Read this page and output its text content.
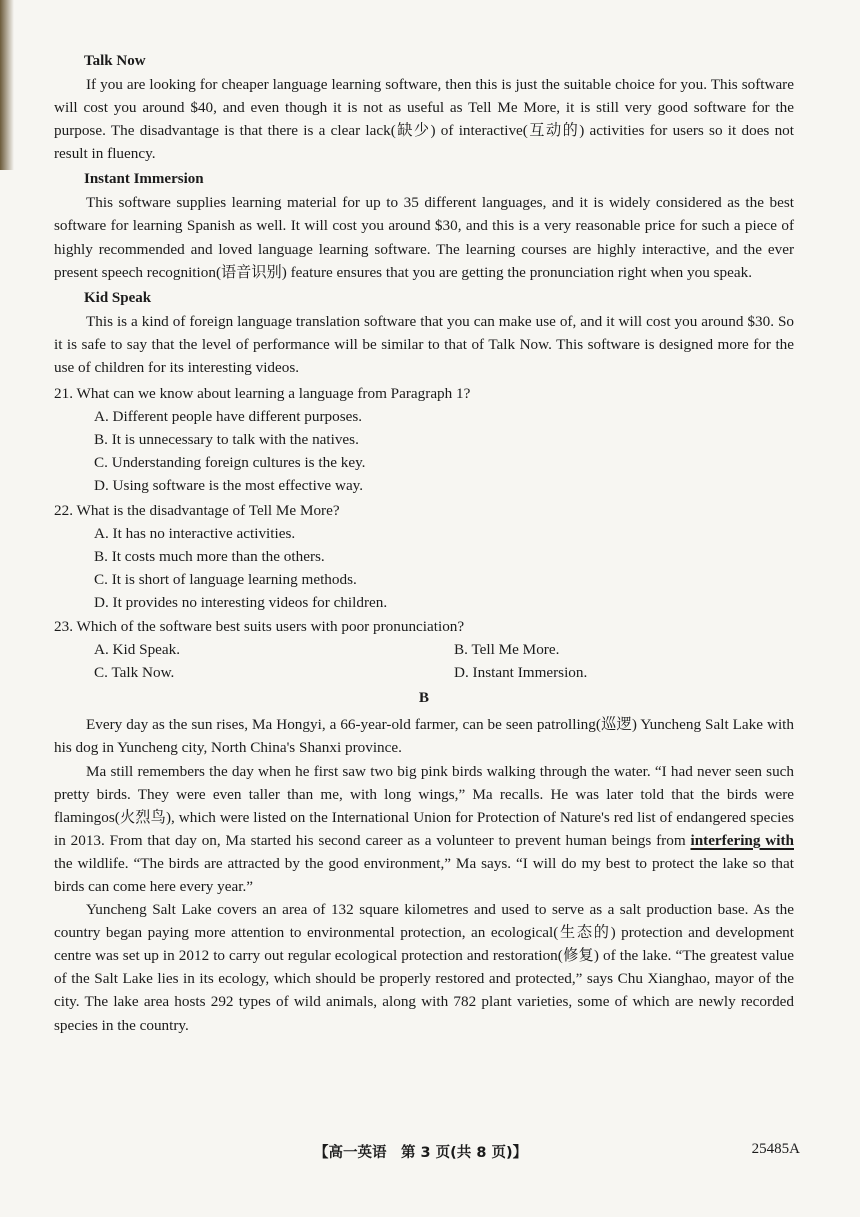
Talk Now

If you are looking for cheaper language learning software, then this is just the suitable choice for you. This software will cost you around $40, and even though it is not as useful as Tell Me More, it is still very good software for the purpose. The disadvantage is that there is a clear lack(缺少) of interactive(互动的) activities for users so it does not result in fluency.

Instant Immersion

This software supplies learning material for up to 35 different languages, and it is widely considered as the best software for learning Spanish as well. It will cost you around $30, and this is a very reasonable price for such a piece of highly recommended and loved language learning software. The learning courses are highly interactive, and the ever present speech recognition(语音识别) feature ensures that you are getting the pronunciation right when you speak.

Kid Speak

This is a kind of foreign language translation software that you can make use of, and it will cost you around $30. So it is safe to say that the level of performance will be similar to that of Talk Now. This software is designed more for the use of children for its interesting videos.

21. What can we know about learning a language from Paragraph 1?
A. Different people have different purposes.
B. It is unnecessary to talk with the natives.
C. Understanding foreign cultures is the key.
D. Using software is the most effective way.
22. What is the disadvantage of Tell Me More?
A. It has no interactive activities.
B. It costs much more than the others.
C. It is short of language learning methods.
D. It provides no interesting videos for children.
23. Which of the software best suits users with poor pronunciation?
A. Kid Speak.	B. Tell Me More.
C. Talk Now.	D. Instant Immersion.
B

Every day as the sun rises, Ma Hongyi, a 66-year-old farmer, can be seen patrolling(巡逻) Yuncheng Salt Lake with his dog in Yuncheng city, North China's Shanxi province.

Ma still remembers the day when he first saw two big pink birds walking through the water. “I had never seen such pretty birds. They were even taller than me, with long wings,” Ma recalls. He was later told that the birds were flamingos(火烈鸟), which were listed on the International Union for Protection of Nature's red list of endangered species in 2013. From that day on, Ma started his second career as a volunteer to prevent human beings from interfering with the wildlife. “The birds are attracted by the good environment,” Ma says. “I will do my best to protect the lake so that birds can come here every year.”

Yuncheng Salt Lake covers an area of 132 square kilometres and used to serve as a salt production base. As the country began paying more attention to environmental protection, an ecological(生态的) protection and development centre was set up in 2012 to carry out regular ecological protection and restoration(修复) of the lake. “The greatest value of the Salt Lake lies in its ecology, which should be properly restored and protected,” says Chu Xianghao, mayor of the city. The lake area hosts 292 types of wild animals, along with 782 plant varieties, some of which are newly recorded species in the country.

【高一英语　第 3 页(共 8 页)】	25485A
